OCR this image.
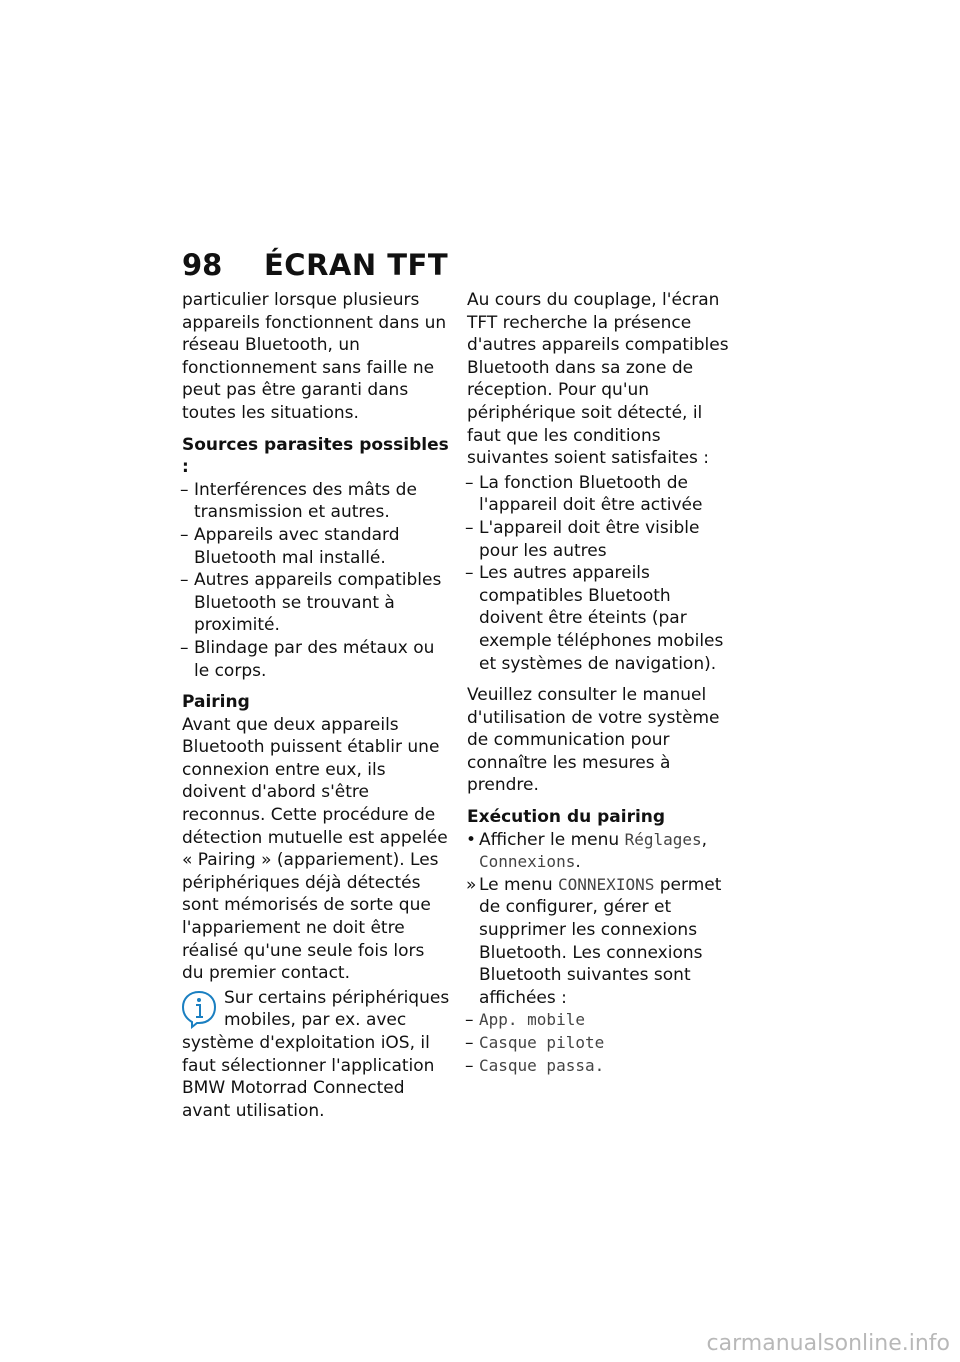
98	ÉCRAN TFT

particulier lorsque plusieurs appareils fonctionnent dans un réseau Bluetooth, un fonctionnement sans faille ne peut pas être garanti dans toutes les situations.

Sources parasites possibles :
– Interférences des mâts de transmission et autres.
– Appareils avec standard Bluetooth mal installé.
– Autres appareils compatibles Bluetooth se trouvant à proximité.
– Blindage par des métaux ou le corps.
Pairing

Avant que deux appareils Bluetooth puissent établir une connexion entre eux, ils doivent d'abord s'être reconnus. Cette procédure de détection mutuelle est appelée « Pairing » (appariement). Les périphériques déjà détectés sont mémorisés de sorte que l'appariement ne doit être réalisé qu'une seule fois lors du premier contact.

Sur certains périphériques mobiles, par ex. avec système d'exploitation iOS, il faut sélectionner l'application BMW Motorrad Connected avant utilisation.

Au cours du couplage, l'écran TFT recherche la présence d'autres appareils compatibles Bluetooth dans sa zone de réception. Pour qu'un périphérique soit détecté, il faut que les conditions suivantes soient satisfaites :

– La fonction Bluetooth de l'appareil doit être activée
– L'appareil doit être visible pour les autres
– Les autres appareils compatibles Bluetooth doivent être éteints (par exemple téléphones mobiles et systèmes de navigation).

Veuillez consulter le manuel d'utilisation de votre système de communication pour connaître les mesures à prendre.

Exécution du pairing
• Afficher le menu Réglages, Connexions.
» Le menu CONNEXIONS permet de configurer, gérer et supprimer les connexions Bluetooth. Les connexions Bluetooth suivantes sont affichées :
– App. mobile
– Casque pilote
– Casque passa.
carmanualsonline.info
